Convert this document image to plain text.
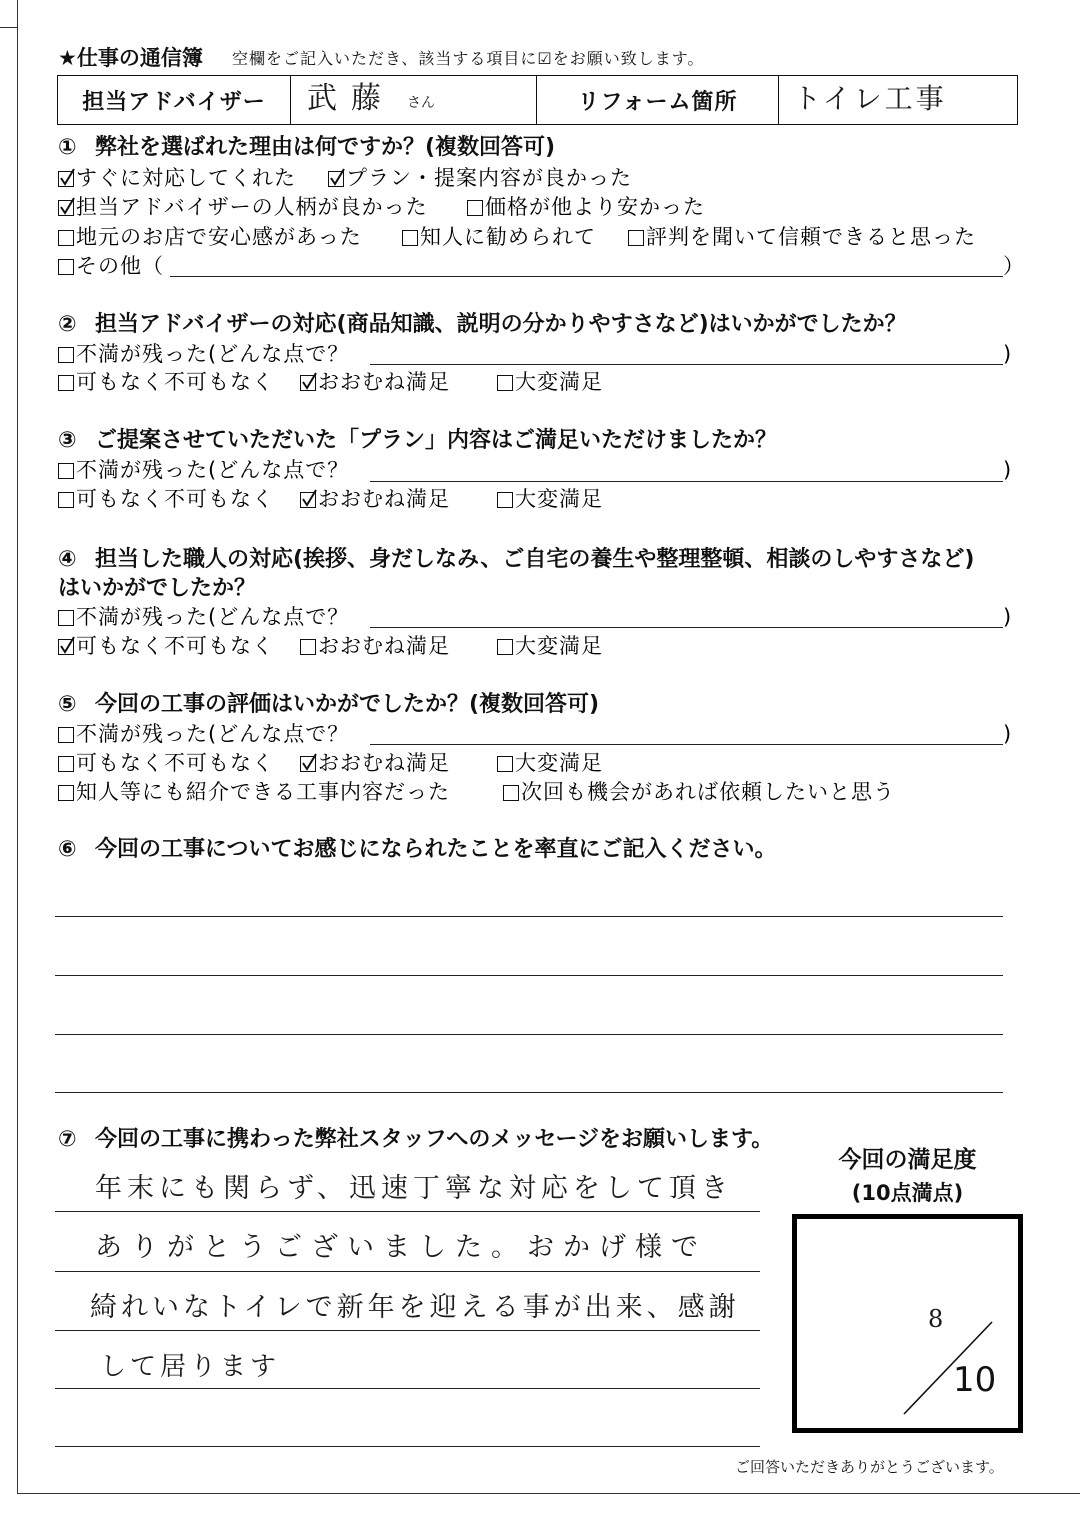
★仕事の通信簿 空欄をご記入いただき、該当する項目に☑をお願い致します。
担当アドバイザー	武藤 さん	リフォーム箇所	トイレ工事
① 弊社を選ばれた理由は何ですか？(複数回答可)
すぐに対応してくれた	プラン・提案内容が良かった
担当アドバイザーの人柄が良かった	価格が他より安かった
地元のお店で安心感があった	知人に勧められて	評判を聞いて信頼できると思った
その他（	）
② 担当アドバイザーの対応(商品知識、説明の分かりやすさなど)はいかがでしたか？
不満が残った(どんな点で？	)
可もなく不可もなく	おおむね満足	大変満足
③ ご提案させていただいた「プラン」内容はご満足いただけましたか？
不満が残った(どんな点で？	)
可もなく不可もなく	おおむね満足	大変満足
④ 担当した職人の対応(挨拶、身だしなみ、ご自宅の養生や整理整頓、相談のしやすさなど)
はいかがでしたか？
不満が残った(どんな点で？	)
可もなく不可もなく	おおむね満足	大変満足
⑤ 今回の工事の評価はいかがでしたか？(複数回答可)
不満が残った(どんな点で？	)
可もなく不可もなく	おおむね満足	大変満足
知人等にも紹介できる工事内容だった	次回も機会があれば依頼したいと思う
⑥ 今回の工事についてお感じになられたことを率直にご記入ください。
⑦ 今回の工事に携わった弊社スタッフへのメッセージをお願いします。
年末にも関らず、迅速丁寧な対応をして頂き
ありがとうございました。おかげ様で
綺れいなトイレで新年を迎える事が出来、感謝
して居ります
今回の満足度
(10点満点)
8
10
ご回答いただきありがとうございます。
